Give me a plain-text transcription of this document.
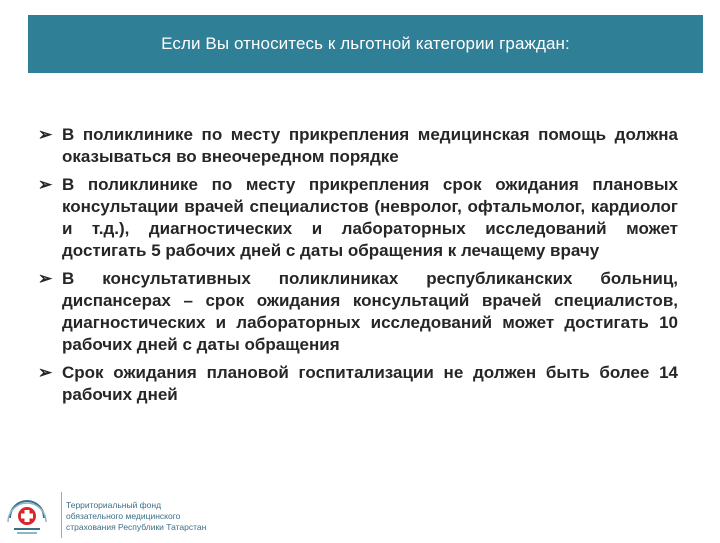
Если Вы относитесь к льготной категории граждан:
➢ В поликлинике по месту прикрепления медицинская помощь должна оказываться во внеочередном порядке
➢ В поликлинике по месту прикрепления срок ожидания плановых консультации врачей специалистов (невролог, офтальмолог, кардиолог и т.д.), диагностических и лабораторных исследований может достигать 5 рабочих дней с даты обращения к лечащему врачу
➢ В консультативных поликлиниках республиканских больниц, диспансерах – срок ожидания консультаций врачей специалистов, диагностических и лабораторных исследований может достигать 10 рабочих дней с даты обращения
➢ Срок ожидания плановой госпитализации не должен быть более 14 рабочих дней
Территориальный фонд
обязательного медицинского
страхования Республики Татарстан
